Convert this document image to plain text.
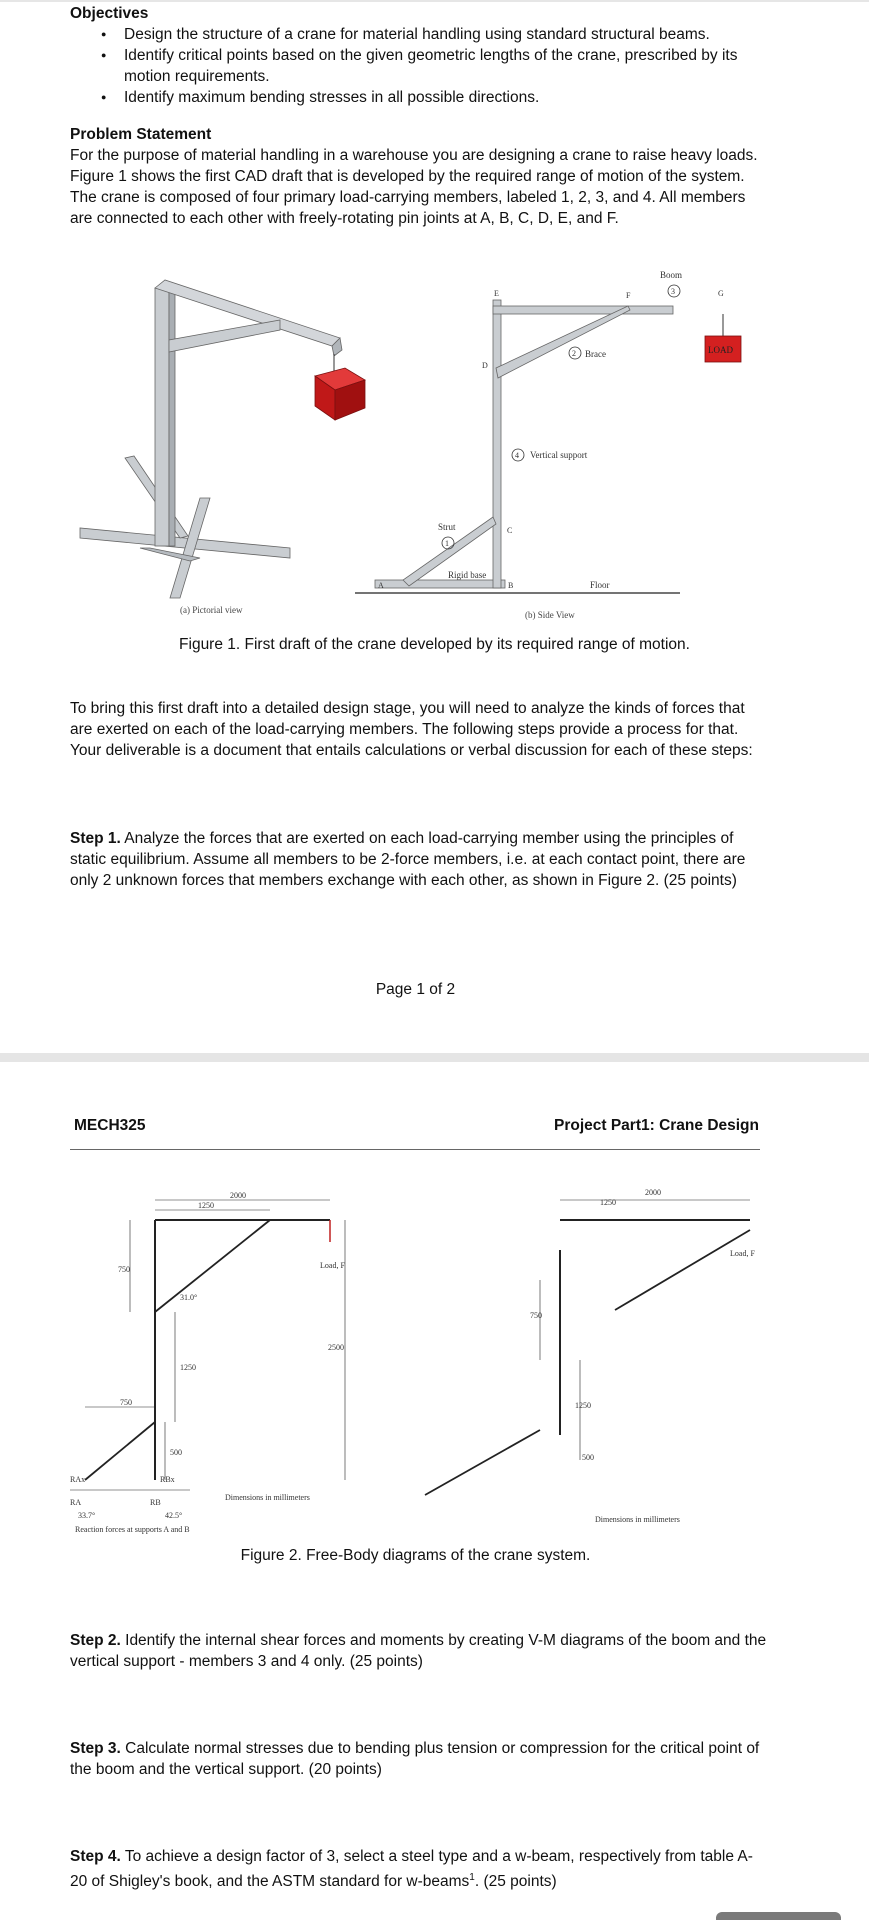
Objectives
● Design the structure of a crane for material handling using standard structural beams.
● Identify critical points based on the given geometric lengths of the crane, prescribed by its motion requirements.
● Identify maximum bending stresses in all possible directions.
Problem Statement
For the purpose of material handling in a warehouse you are designing a crane to raise heavy loads. Figure 1 shows the first CAD draft that is developed by the required range of motion of the system. The crane is composed of four primary load-carrying members, labeled 1, 2, 3, and 4. All members are connected to each other with freely-rotating pin joints at A, B, C, D, E, and F.
(a) Pictorial view
LOAD
Boom
3
2 Brace
4 Vertical support
Strut
1
Rigid base
Floor
A	B
C
D
E	F	G
(b) Side View
Figure 1. First draft of the crane developed by its required range of motion.
To bring this first draft into a detailed design stage, you will need to analyze the kinds of forces that are exerted on each of the load-carrying members. The following steps provide a process for that. Your deliverable is a document that entails calculations or verbal discussion for each of these steps:
Step 1. Analyze the forces that are exerted on each load-carrying member using the principles of static equilibrium. Assume all members to be 2-force members, i.e. at each contact point, there are only 2 unknown forces that members exchange with each other, as shown in Figure 2. (25 points)
Page 1 of 2
MECH325	Project Part1: Crane Design
2000
1250
750
1250
2500
750
500
31.0°
Load, F
Dimensions in millimeters
Reaction forces at supports A and B
RAx
RA
33.7°
RBx
RB
42.5°
2000
1250
750
1250
500
Dimensions in millimeters
Load, F
Figure 2. Free-Body diagrams of the crane system.
Step 2. Identify the internal shear forces and moments by creating V-M diagrams of the boom and the vertical support - members 3 and 4 only. (25 points)
Step 3. Calculate normal stresses due to bending plus tension or compression for the critical point of the boom and the vertical support. (20 points)
Step 4. To achieve a design factor of 3, select a steel type and a w-beam, respectively from table A-20 of Shigley's book, and the ASTM standard for w-beams$^1$. (25 points)
